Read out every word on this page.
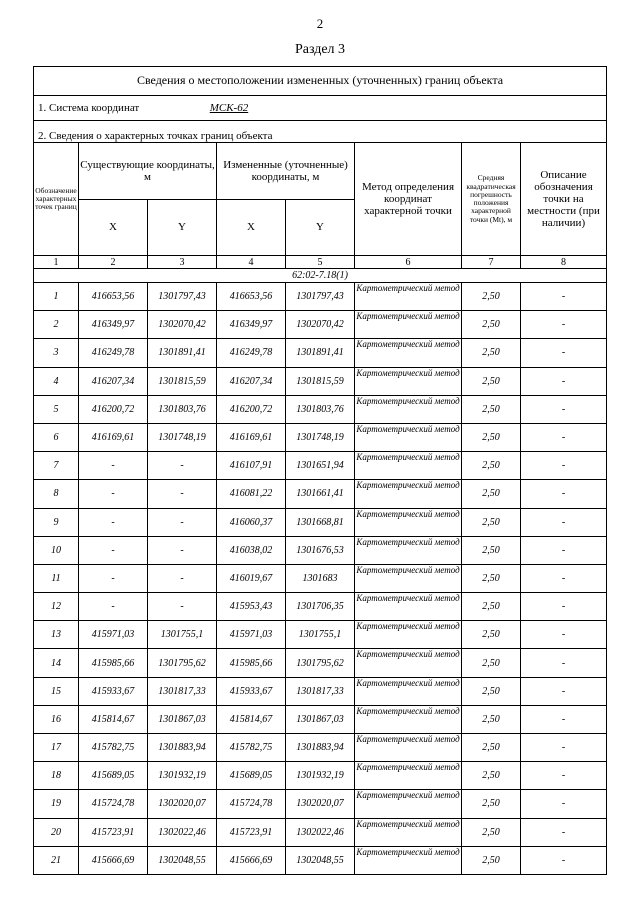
2
Раздел 3
Сведения о местоположении измененных (уточненных) границ объекта							
1. Система координат МСК-62							
2. Сведения о характерных точках границ объекта							
Обозначение характерных точек границ	Существующие координаты, м		Измененные (уточненные) координаты, м		Метод определения координат характерной точки	Средняя квадратическая погрешность положения характерной точки (Mt), м	Описание обозначения точки на местности (при наличии)
	X	Y	X	Y			
1	2	3	4	5	6	7	8
62:02-7.18(1)							
1	416653,56	1301797,43	416653,56	1301797,43	Картометрический метод	2,50	-
2	416349,97	1302070,42	416349,97	1302070,42	Картометрический метод	2,50	-
3	416249,78	1301891,41	416249,78	1301891,41	Картометрический метод	2,50	-
4	416207,34	1301815,59	416207,34	1301815,59	Картометрический метод	2,50	-
5	416200,72	1301803,76	416200,72	1301803,76	Картометрический метод	2,50	-
6	416169,61	1301748,19	416169,61	1301748,19	Картометрический метод	2,50	-
7	-	-	416107,91	1301651,94	Картометрический метод	2,50	-
8	-	-	416081,22	1301661,41	Картометрический метод	2,50	-
9	-	-	416060,37	1301668,81	Картометрический метод	2,50	-
10	-	-	416038,02	1301676,53	Картометрический метод	2,50	-
11	-	-	416019,67	1301683	Картометрический метод	2,50	-
12	-	-	415953,43	1301706,35	Картометрический метод	2,50	-
13	415971,03	1301755,1	415971,03	1301755,1	Картометрический метод	2,50	-
14	415985,66	1301795,62	415985,66	1301795,62	Картометрический метод	2,50	-
15	415933,67	1301817,33	415933,67	1301817,33	Картометрический метод	2,50	-
16	415814,67	1301867,03	415814,67	1301867,03	Картометрический метод	2,50	-
17	415782,75	1301883,94	415782,75	1301883,94	Картометрический метод	2,50	-
18	415689,05	1301932,19	415689,05	1301932,19	Картометрический метод	2,50	-
19	415724,78	1302020,07	415724,78	1302020,07	Картометрический метод	2,50	-
20	415723,91	1302022,46	415723,91	1302022,46	Картометрический метод	2,50	-
21	415666,69	1302048,55	415666,69	1302048,55	Картометрический метод	2,50	-
